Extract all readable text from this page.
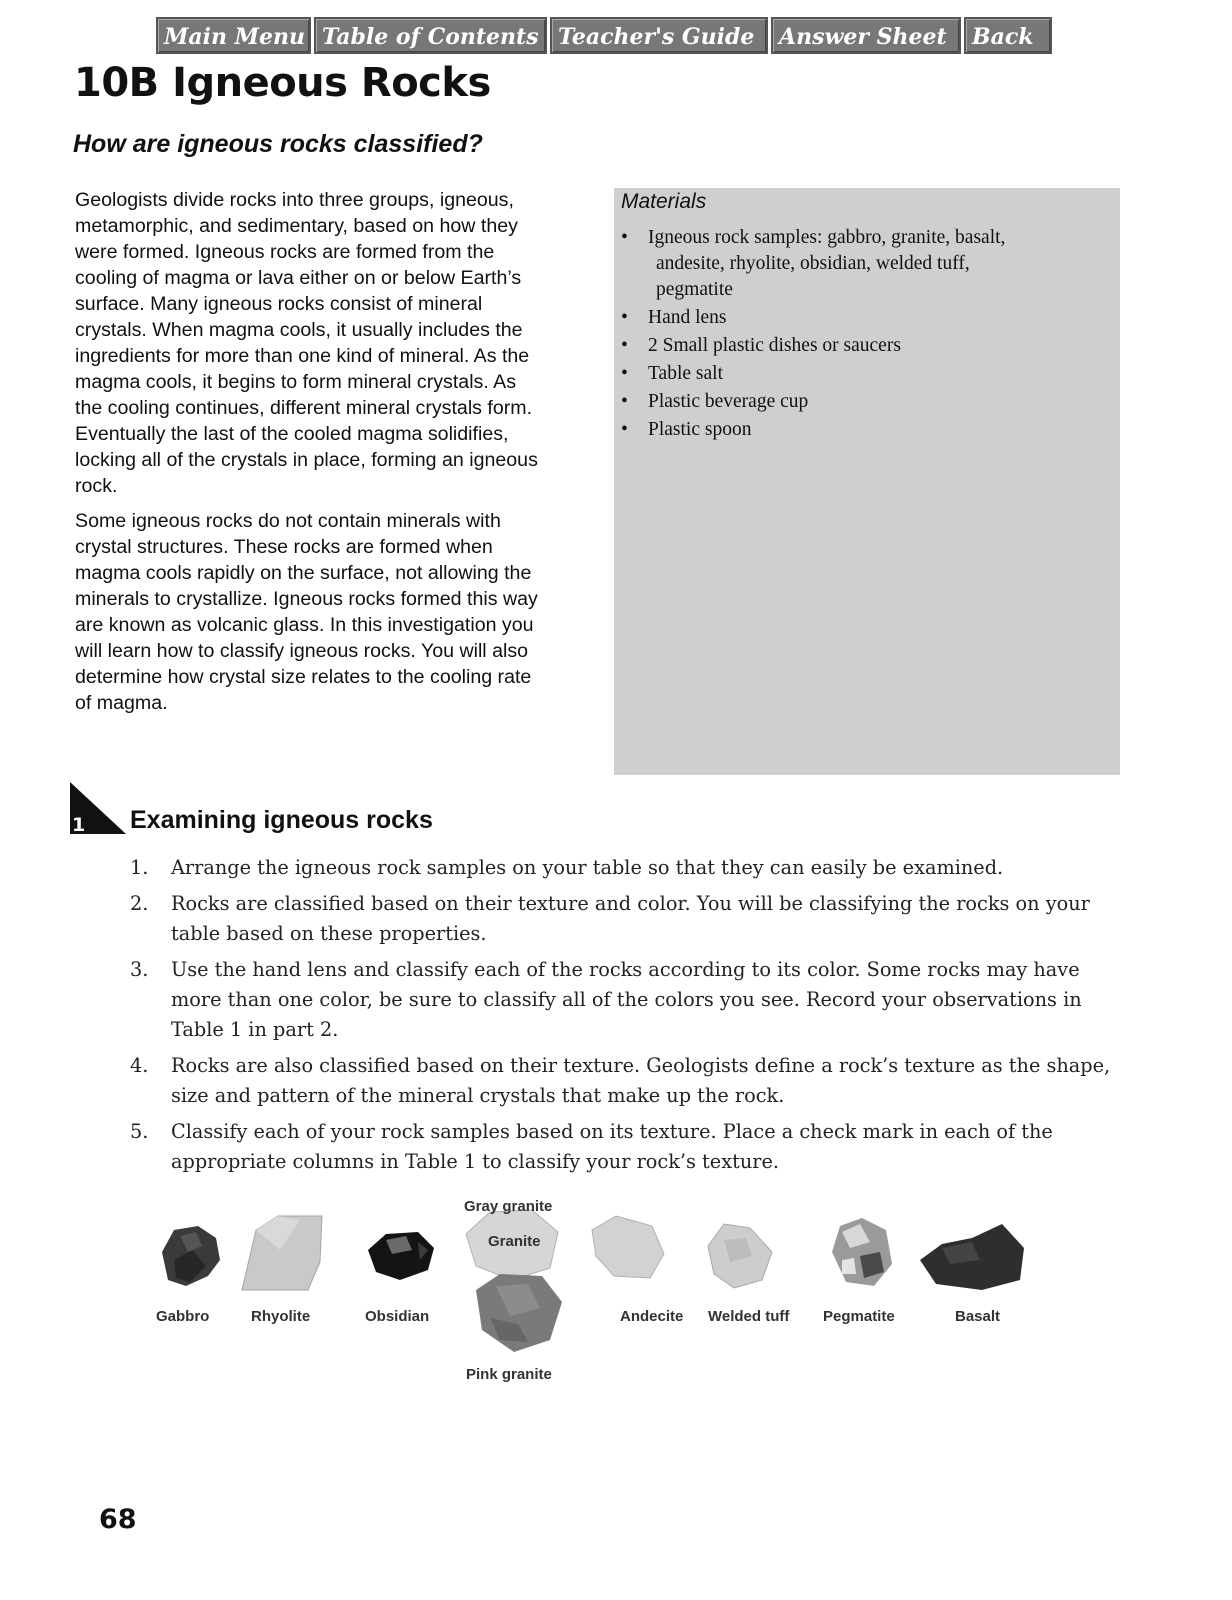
Main Menu Table of Contents Teacher's Guide	Answer Sheet	Back
10B Igneous Rocks
How are igneous rocks classified?

Geologists divide rocks into three groups, igneous, metamorphic, and sedimentary, based on how they were formed. Igneous rocks are formed from the cooling of magma or lava either on or below Earth’s surface. Many igneous rocks consist of mineral crystals. When magma cools, it usually includes the ingredients for more than one kind of mineral. As the magma cools, it begins to form mineral crystals. As the cooling continues, different mineral crystals form. Eventually the last of the cooled magma solidifies, locking all of the crystals in place, forming an igneous rock.

Some igneous rocks do not contain minerals with crystal structures. These rocks are formed when magma cools rapidly on the surface, not allowing the minerals to crystallize. Igneous rocks formed this way are known as volcanic glass. In this investigation you will learn how to classify igneous rocks. You will also determine how crystal size relates to the cooling rate of magma.

Materials
• Igneous rock samples: gabbro, granite, basalt,
andesite, rhyolite, obsidian, welded tuff,
pegmatite
• Hand lens
• 2 Small plastic dishes or saucers
• Table salt
• Plastic beverage cup
• Plastic spoon
1 Examining igneous rocks
1. Arrange the igneous rock samples on your table so that they can easily be examined.
2. Rocks are classified based on their texture and color. You will be classifying the rocks on your table based on these properties.
3. Use the hand lens and classify each of the rocks according to its color. Some rocks may have more than one color, be sure to classify all of the colors you see. Record your observations in Table 1 in part 2.
4. Rocks are also classified based on their texture. Geologists define a rock’s texture as the shape, size and pattern of the mineral crystals that make up the rock.
5. Classify each of your rock samples based on its texture. Place a check mark in each of the appropriate columns in Table 1 to classify your rock’s texture.
Gabbro	Rhyolite	Obsidian
Gray granite
Granite
Pink granite
Andecite Welded tuff Pegmatite	Basalt
68
